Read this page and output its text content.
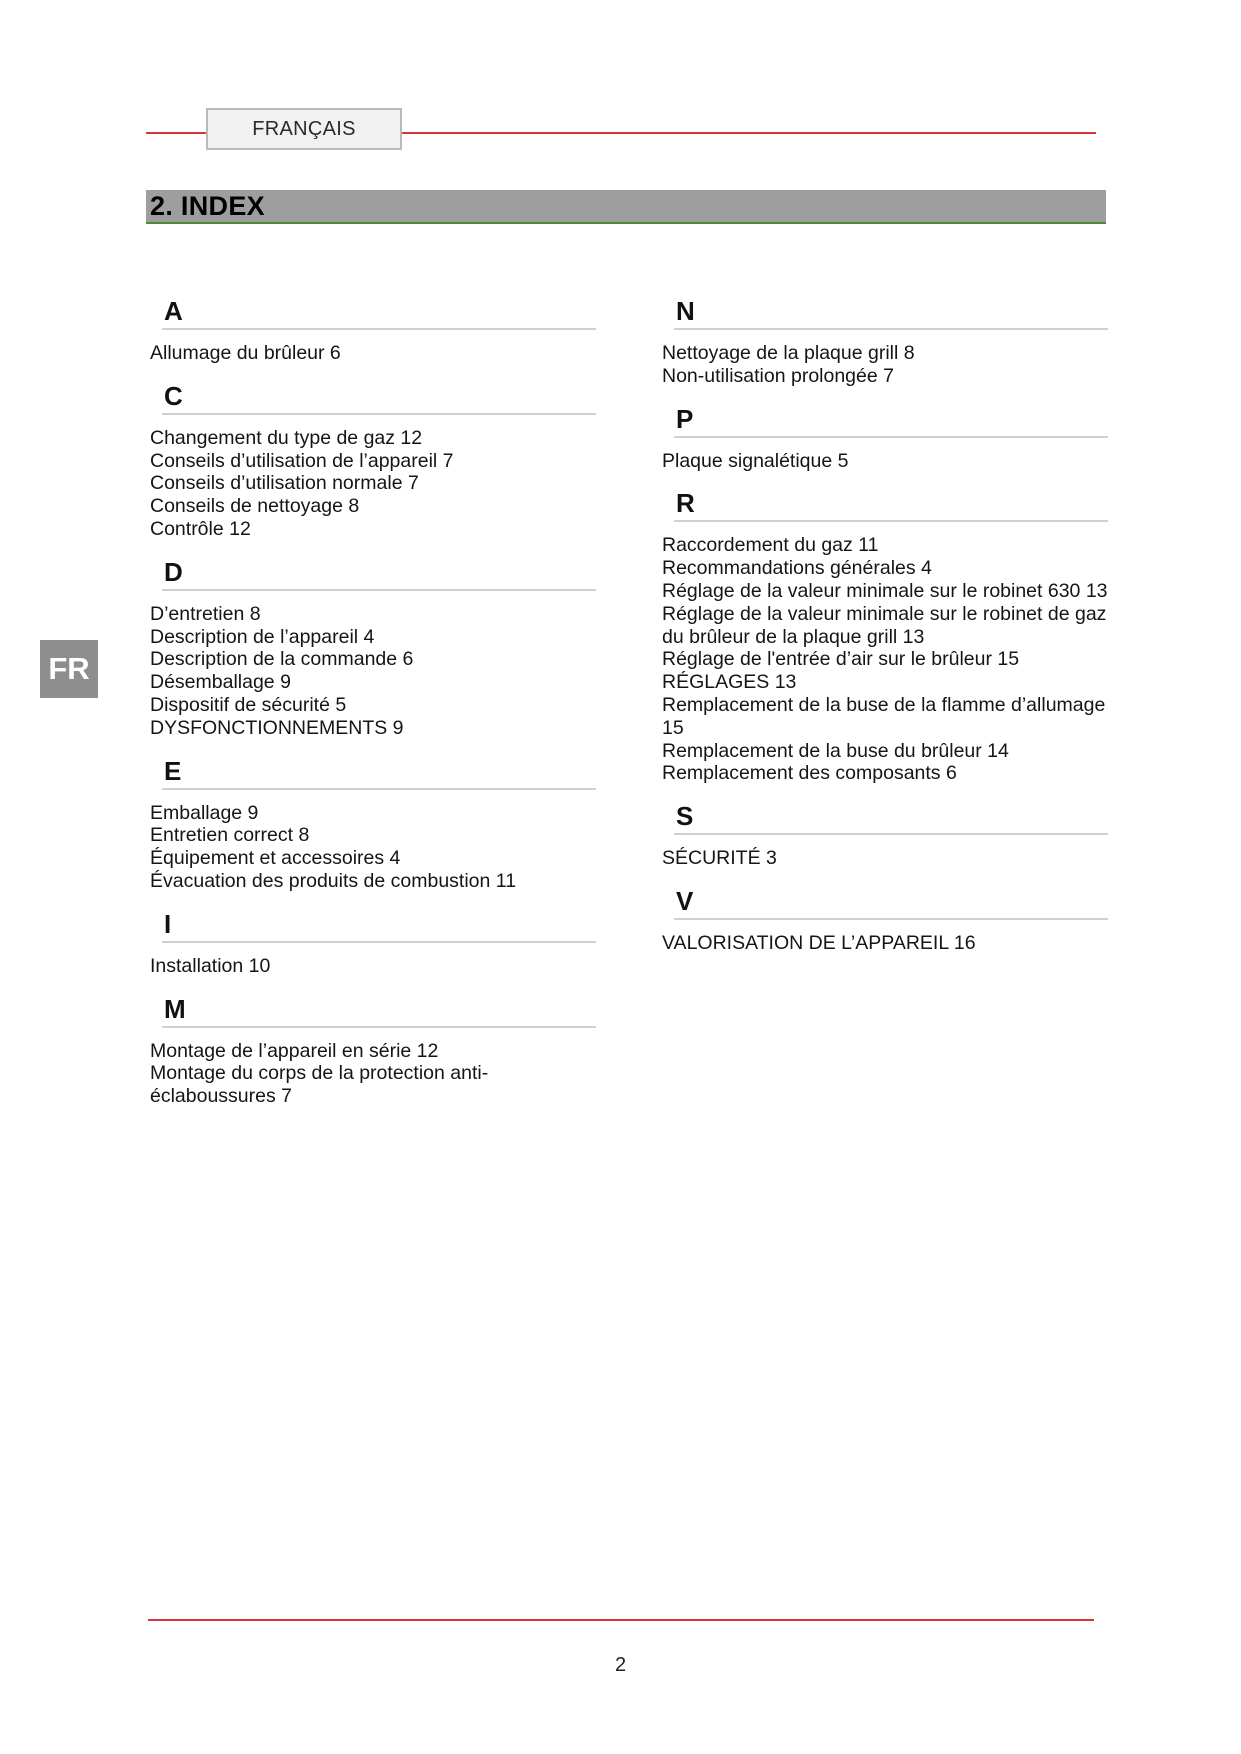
FRANÇAIS
2. INDEX
FR
A
Allumage du brûleur 6
C
Changement du type de gaz 12
Conseils d’utilisation de l’appareil 7
Conseils d’utilisation normale 7
Conseils de nettoyage 8
Contrôle 12
D
D’entretien 8
Description de l’appareil 4
Description de la commande 6
Désemballage 9
Dispositif de sécurité 5
DYSFONCTIONNEMENTS 9
E
Emballage 9
Entretien correct 8
Équipement et accessoires 4
Évacuation des produits de combustion 11
I
Installation 10
M
Montage de l’appareil en série 12
Montage du corps de la protection anti-éclaboussures 7
N
Nettoyage de la plaque grill 8
Non-utilisation prolongée 7
P
Plaque signalétique 5
R
Raccordement du gaz 11
Recommandations générales 4
Réglage de la valeur minimale sur le robinet 630 13
Réglage de la valeur minimale sur le robinet de gaz du brûleur de la plaque grill 13
Réglage de l'entrée d’air sur le brûleur 15
RÉGLAGES 13
Remplacement de la buse de la flamme d’allumage 15
Remplacement de la buse du brûleur 14
Remplacement des composants 6
S
SÉCURITÉ 3
V
VALORISATION DE L’APPAREIL 16
2
